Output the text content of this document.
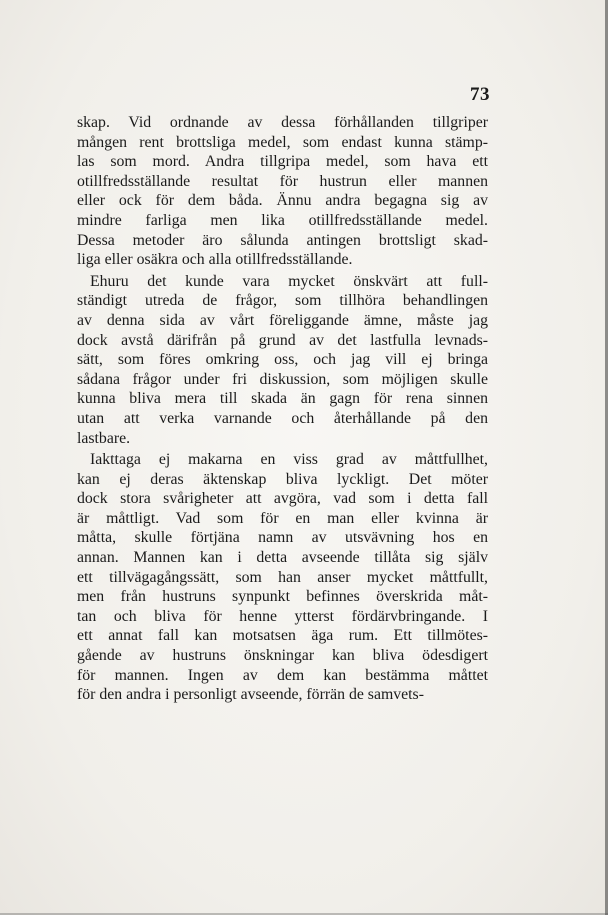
73
skap. Vid ordnande av dessa förhållanden tillgriper
mången rent brottsliga medel, som endast kunna stämp-
las som mord. Andra tillgripa medel, som hava ett
otillfredsställande resultat för hustrun eller mannen
eller ock för dem båda. Ännu andra begagna sig av
mindre farliga men lika otillfredsställande medel.
Dessa metoder äro sålunda antingen brottsligt skad-
liga eller osäkra och alla otillfredsställande.
Ehuru det kunde vara mycket önskvärt att full-
ständigt utreda de frågor, som tillhöra behandlingen
av denna sida av vårt föreliggande ämne, måste jag
dock avstå därifrån på grund av det lastfulla levnads-
sätt, som föres omkring oss, och jag vill ej bringa
sådana frågor under fri diskussion, som möjligen skulle
kunna bliva mera till skada än gagn för rena sinnen
utan att verka varnande och återhållande på den
lastbare.
Iakttaga ej makarna en viss grad av måttfullhet,
kan ej deras äktenskap bliva lyckligt. Det möter
dock stora svårigheter att avgöra, vad som i detta fall
är måttligt. Vad som för en man eller kvinna är
måtta, skulle förtjäna namn av utsvävning hos en
annan. Mannen kan i detta avseende tillåta sig själv
ett tillvägagångssätt, som han anser mycket måttfullt,
men från hustruns synpunkt befinnes överskrida måt-
tan och bliva för henne ytterst fördärvbringande. I
ett annat fall kan motsatsen äga rum. Ett tillmötes-
gående av hustruns önskningar kan bliva ödesdigert
för mannen. Ingen av dem kan bestämma måttet
för den andra i personligt avseende, förrän de samvets-
